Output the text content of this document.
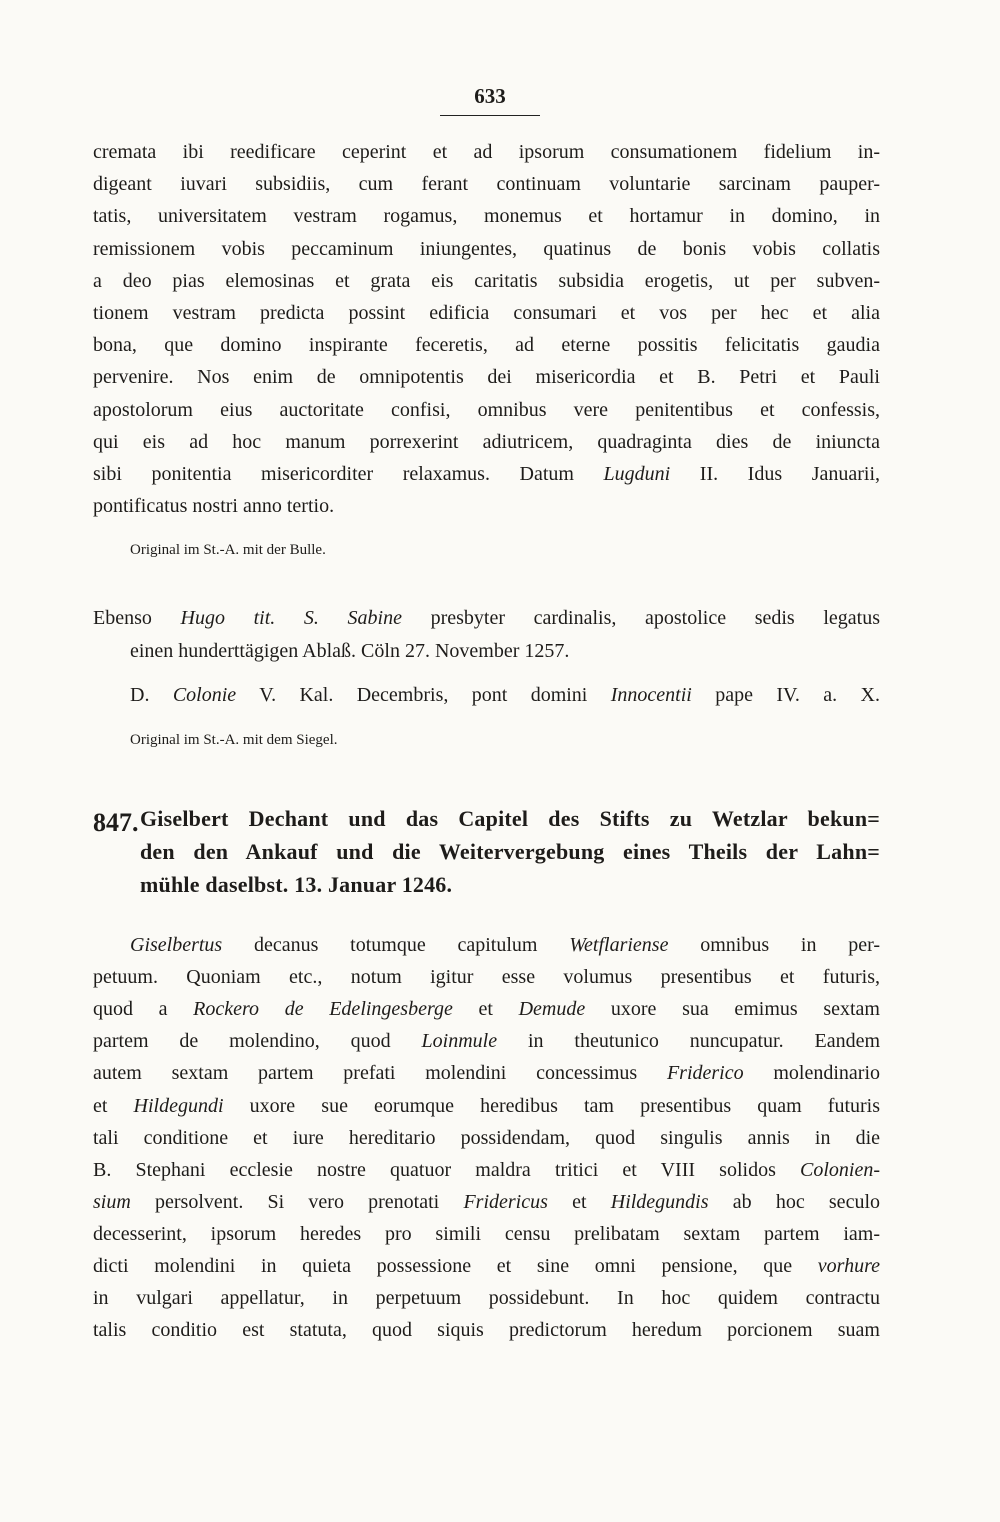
633
847.
cremata ibi reedificare ceperint et ad ipsorum consumationem fidelium in-
digeant iuvari subsidiis, cum ferant continuam voluntarie sarcinam pauper-
tatis, universitatem vestram rogamus, monemus et hortamur in domino, in
remissionem vobis peccaminum iniungentes, quatinus de bonis vobis collatis
a deo pias elemosinas et grata eis caritatis subsidia erogetis, ut per subven-
tionem vestram predicta possint edificia consumari et vos per hec et alia
bona, que domino inspirante feceretis, ad eterne possitis felicitatis gaudia
pervenire. Nos enim de omnipotentis dei misericordia et B. Petri et Pauli
apostolorum eius auctoritate confisi, omnibus vere penitentibus et confessis,
qui eis ad hoc manum porrexerint adiutricem, quadraginta dies de iniuncta
sibi ponitentia misericorditer relaxamus. Datum Lugduni II. Idus Januarii,
pontificatus nostri anno tertio.
Original im St.-A. mit der Bulle.
Ebenso Hugo tit. S. Sabine presbyter cardinalis, apostolice sedis legatus
einen hunderttägigen Ablaß. Cöln 27. November 1257.
D. Colonie V. Kal. Decembris, pont domini Innocentii pape IV. a. X.
Original im St.-A. mit dem Siegel.
Giselbert Dechant und das Capitel des Stifts zu Wetzlar bekun=
den den Ankauf und die Weitervergebung eines Theils der Lahn=
mühle daselbst. 13. Januar 1246.
Giselbertus decanus totumque capitulum Wetflariense omnibus in per-
petuum. Quoniam etc., notum igitur esse volumus presentibus et futuris,
quod a Rockero de Edelingesberge et Demude uxore sua emimus sextam
partem de molendino, quod Loinmule in theutunico nuncupatur. Eandem
autem sextam partem prefati molendini concessimus Friderico molendinario
et Hildegundi uxore sue eorumque heredibus tam presentibus quam futuris
tali conditione et iure hereditario possidendam, quod singulis annis in die
B. Stephani ecclesie nostre quatuor maldra tritici et VIII solidos Colonien-
sium persolvent. Si vero prenotati Fridericus et Hildegundis ab hoc seculo
decesserint, ipsorum heredes pro simili censu prelibatam sextam partem iam-
dicti molendini in quieta possessione et sine omni pensione, que vorhure
in vulgari appellatur, in perpetuum possidebunt. In hoc quidem contractu
talis conditio est statuta, quod siquis predictorum heredum porcionem suam
